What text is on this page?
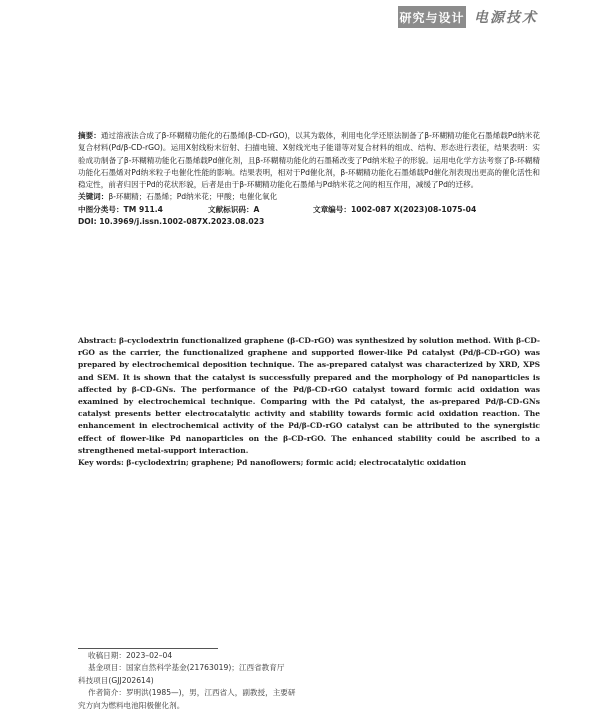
研究与设计 电源技术

摘要：通过溶液法合成了β-环糊精功能化的石墨烯(β-CD-rGO)，以其为载体，利用电化学还原法制备了β-环糊精功能化石墨烯载Pd纳米花复合材料(Pd/β-CD-rGO)。运用X射线粉末衍射、扫描电镜、X射线光电子能谱等对复合材料的组成、结构、形态进行表征，结果表明：实验成功制备了β-环糊精功能化石墨烯载Pd催化剂，且β-环糊精功能化的石墨稀改变了Pd纳米粒子的形貌。运用电化学方法考察了β-环糊精功能化石墨烯对Pd纳米粒子电催化性能的影响。结果表明，相对于Pd催化剂，β-环糊精功能化石墨烯载Pd催化剂表现出更高的催化活性和稳定性，前者归因于Pd的花状形貌，后者是由于β-环糊精功能化石墨烯与Pd纳米花之间的相互作用，减缓了Pd的迁移。

关键词：β-环糊精；石墨烯；Pd纳米花；甲酸；电催化氧化

中图分类号：TM 911.4	文献标识码：A	文章编号：1002-087 X(2023)08-1075-04

DOI: 10.3969/j.issn.1002-087X.2023.08.023

Abstract: β-cyclodextrin functionalized graphene (β-CD-rGO) was synthesized by solution method. With β-CD-rGO as the carrier, the functionalized graphene and supported flower-like Pd catalyst (Pd/β-CD-rGO) was prepared by electrochemical deposition technique. The as-prepared catalyst was characterized by XRD, XPS and SEM. It is shown that the catalyst is successfully prepared and the morphology of Pd nanoparticles is affected by β-CD-GNs. The performance of the Pd/β-CD-rGO catalyst toward formic acid oxidation was examined by electrochemical technique. Comparing with the Pd catalyst, the as-prepared Pd/β-CD-GNs catalyst presents better electrocatalytic activity and stability towards formic acid oxidation reaction. The enhancement in electrochemical activity of the Pd/β-CD-rGO catalyst can be attributed to the synergistic effect of flower-like Pd nanoparticles on the β-CD-rGO. The enhanced stability could be ascribed to a strengthened metal-support interaction.

Key words: β-cyclodextrin; graphene; Pd nanoflowers; formic acid; electrocatalytic oxidation

收稿日期：2023–02–04
基金项目：国家自然科学基金(21763019)；江西省教育厅
科技项目(GJJ202614)
作者简介：罗明洪(1985—)，男，江西省人，副教授，主要研
究方向为燃料电池阳极催化剂。
